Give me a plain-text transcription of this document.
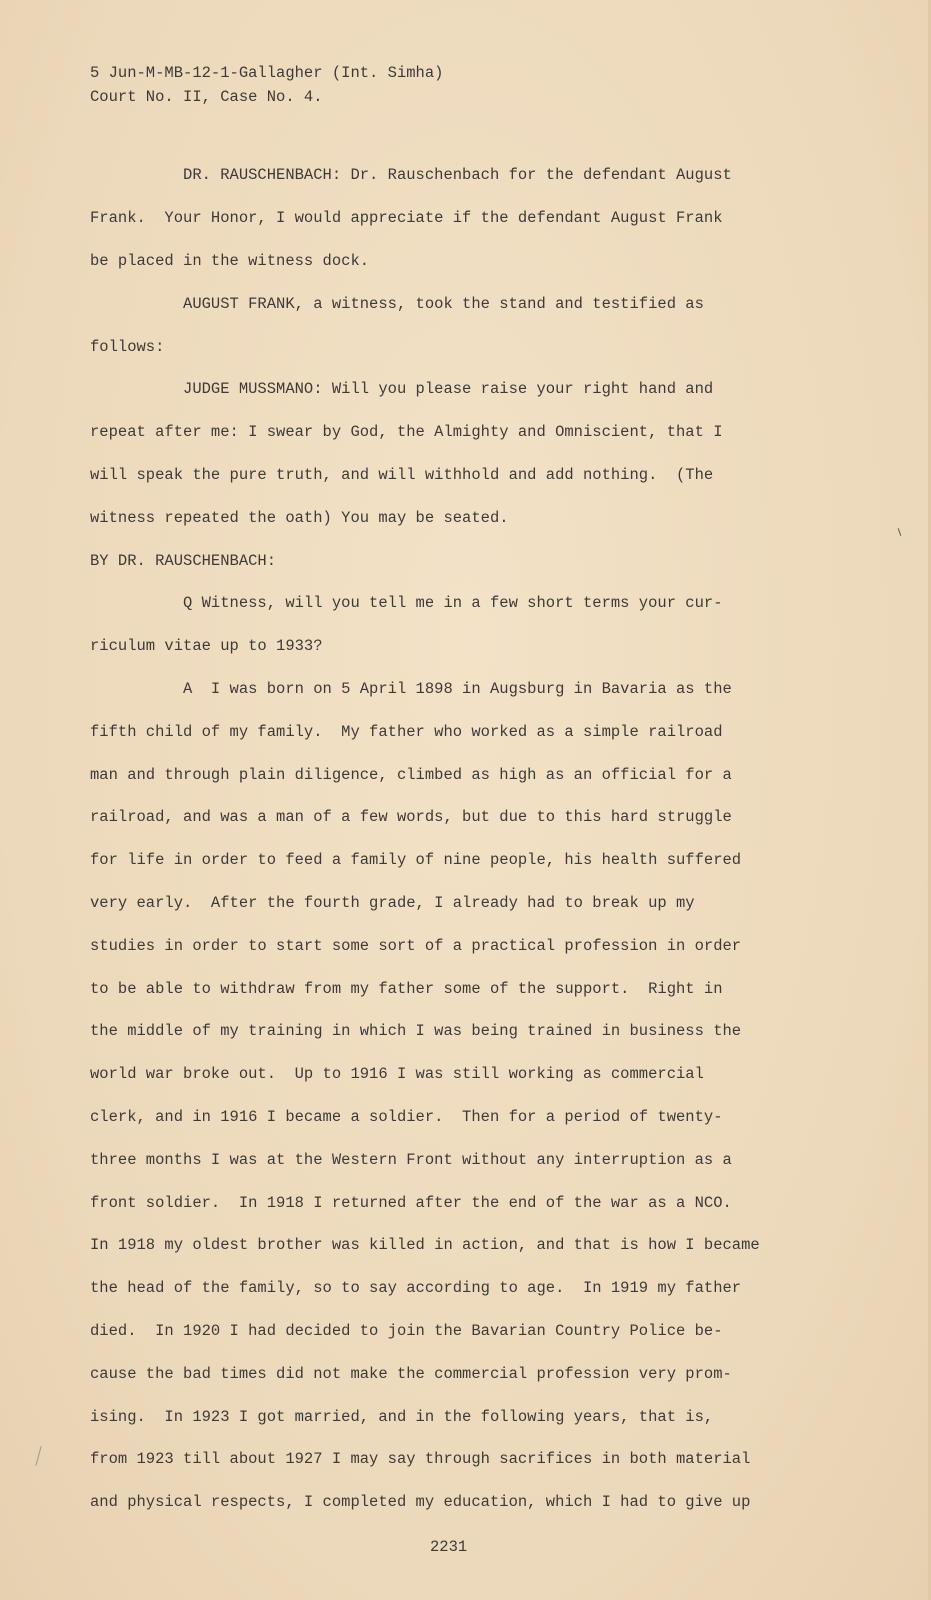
5 Jun-M-MB-12-1-Gallagher (Int. Simha)
Court No. II, Case No. 4.
DR. RAUSCHENBACH: Dr. Rauschenbach for the defendant August
Frank.  Your Honor, I would appreciate if the defendant August Frank
be placed in the witness dock.
AUGUST FRANK, a witness, took the stand and testified as
follows:
JUDGE MUSSMANO: Will you please raise your right hand and
repeat after me: I swear by God, the Almighty and Omniscient, that I
will speak the pure truth, and will withhold and add nothing.  (The
witness repeated the oath) You may be seated.
BY DR. RAUSCHENBACH:
Q Witness, will you tell me in a few short terms your cur-
riculum vitae up to 1933?
A  I was born on 5 April 1898 in Augsburg in Bavaria as the
fifth child of my family.  My father who worked as a simple railroad
man and through plain diligence, climbed as high as an official for a
railroad, and was a man of a few words, but due to this hard struggle
for life in order to feed a family of nine people, his health suffered
very early.  After the fourth grade, I already had to break up my
studies in order to start some sort of a practical profession in order
to be able to withdraw from my father some of the support.  Right in
the middle of my training in which I was being trained in business the
world war broke out.  Up to 1916 I was still working as commercial
clerk, and in 1916 I became a soldier.  Then for a period of twenty-
three months I was at the Western Front without any interruption as a
front soldier.  In 1918 I returned after the end of the war as a NCO.
In 1918 my oldest brother was killed in action, and that is how I became
the head of the family, so to say according to age.  In 1919 my father
died.  In 1920 I had decided to join the Bavarian Country Police be-
cause the bad times did not make the commercial profession very prom-
ising.  In 1923 I got married, and in the following years, that is,
from 1923 till about 1927 I may say through sacrifices in both material
and physical respects, I completed my education, which I had to give up
2231
